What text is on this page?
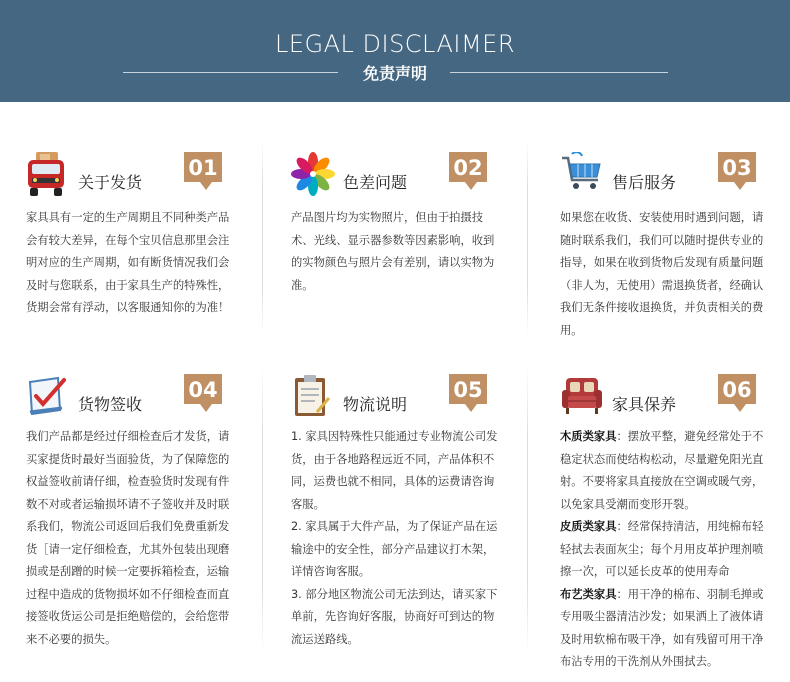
LEGAL DISCLAIMER
免责声明
关于发货
01

家具具有一定的生产周期且不同种类产品会有较大差异，在每个宝贝信息那里会注明对应的生产周期，如有断货情况我们会及时与您联系，由于家具生产的特殊性，货期会常有浮动，以客服通知你的为准！

色差问题
02

产品图片均为实物照片，但由于拍摄技术、光线、显示器参数等因素影响，收到的实物颜色与照片会有差别，请以实物为准。

售后服务
03

如果您在收货、安装使用时遇到问题，请随时联系我们，我们可以随时提供专业的指导，如果在收到货物后发现有质量问题（非人为，无使用）需退换货者，经确认我们无条件接收退换货，并负责相关的费用。

货物签收
04

我们产品都是经过仔细检查后才发货，请买家提货时最好当面验货，为了保障您的权益签收前请仔细，检查验货时发现有件数不对或者运输损坏请不子签收并及时联系我们，物流公司返回后我们免费重新发货［请一定仔细检查，尤其外包装出现磨损或是刮蹭的时候一定要拆箱检查，运输过程中造成的货物损坏如不仔细检查而直接签收货运公司是拒绝赔偿的，会给您带来不必要的损失。

物流说明
05

1. 家具因特殊性只能通过专业物流公司发货，由于各地路程远近不同，产品体积不同，运费也就不相同，具体的运费请咨询客服。

2. 家具属于大件产品，为了保证产品在运输途中的安全性，部分产品建议打木架，详情咨询客服。

3. 部分地区物流公司无法到达，请买家下单前，先咨询好客服，协商好可到达的物流运送路线。

家具保养
06

木质类家具：摆放平整，避免经常处于不稳定状态而使结构松动，尽量避免阳光直射。不要将家具直接放在空调或暖气旁，以免家具受潮而变形开裂。

皮质类家具：经常保持清洁，用纯棉布轻轻拭去表面灰尘；每个月用皮革护理剂喷擦一次，可以延长皮革的使用寿命

布艺类家具：用干净的棉布、羽制毛掸或专用吸尘器清洁沙发；如果洒上了液体请及时用软棉布吸干净，如有残留可用干净布沾专用的干洗剂从外围拭去。
